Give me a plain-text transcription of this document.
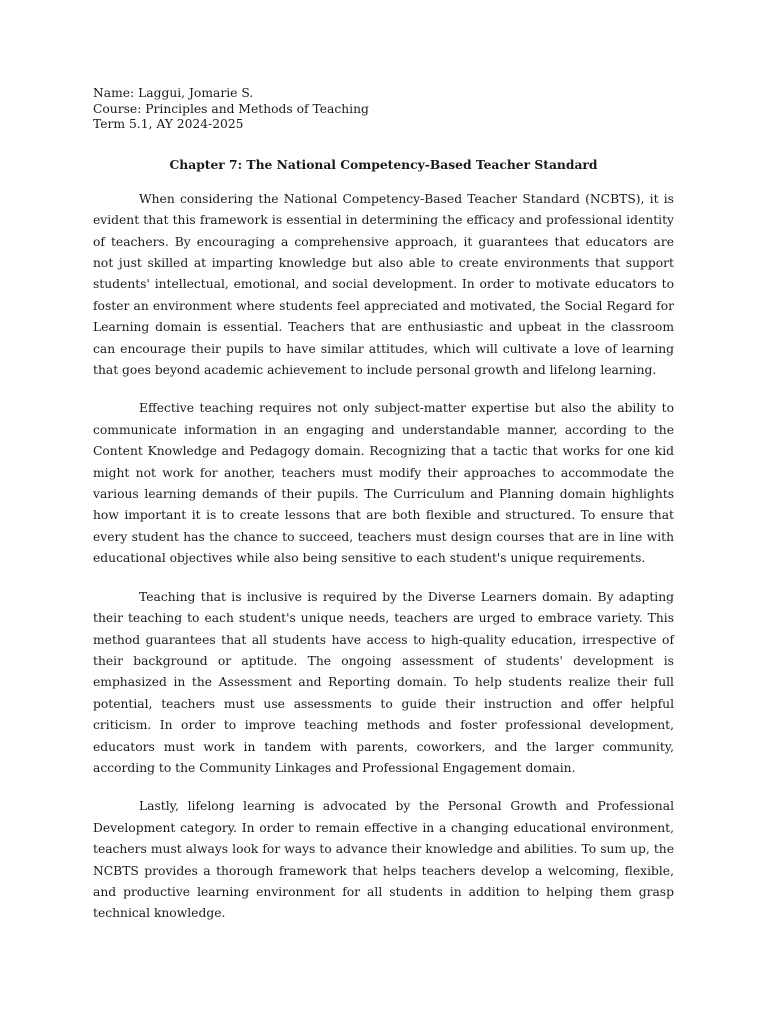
Name: Laggui, Jomarie S.
Course: Principles and Methods of Teaching
Term 5.1, AY 2024-2025
Chapter 7: The National Competency-Based Teacher Standard

When considering the National Competency-Based Teacher Standard (NCBTS), it is evident that this framework is essential in determining the efficacy and professional identity of teachers. By encouraging a comprehensive approach, it guarantees that educators are not just skilled at imparting knowledge but also able to create environments that support students' intellectual, emotional, and social development. In order to motivate educators to foster an environment where students feel appreciated and motivated, the Social Regard for Learning domain is essential. Teachers that are enthusiastic and upbeat in the classroom can encourage their pupils to have similar attitudes, which will cultivate a love of learning that goes beyond academic achievement to include personal growth and lifelong learning.

Effective teaching requires not only subject-matter expertise but also the ability to communicate information in an engaging and understandable manner, according to the Content Knowledge and Pedagogy domain. Recognizing that a tactic that works for one kid might not work for another, teachers must modify their approaches to accommodate the various learning demands of their pupils. The Curriculum and Planning domain highlights how important it is to create lessons that are both flexible and structured. To ensure that every student has the chance to succeed, teachers must design courses that are in line with educational objectives while also being sensitive to each student's unique requirements.

Teaching that is inclusive is required by the Diverse Learners domain. By adapting their teaching to each student's unique needs, teachers are urged to embrace variety. This method guarantees that all students have access to high-quality education, irrespective of their background or aptitude. The ongoing assessment of students' development is emphasized in the Assessment and Reporting domain. To help students realize their full potential, teachers must use assessments to guide their instruction and offer helpful criticism. In order to improve teaching methods and foster professional development, educators must work in tandem with parents, coworkers, and the larger community, according to the Community Linkages and Professional Engagement domain.

Lastly, lifelong learning is advocated by the Personal Growth and Professional Development category. In order to remain effective in a changing educational environment, teachers must always look for ways to advance their knowledge and abilities. To sum up, the NCBTS provides a thorough framework that helps teachers develop a welcoming, flexible, and productive learning environment for all students in addition to helping them grasp technical knowledge.
